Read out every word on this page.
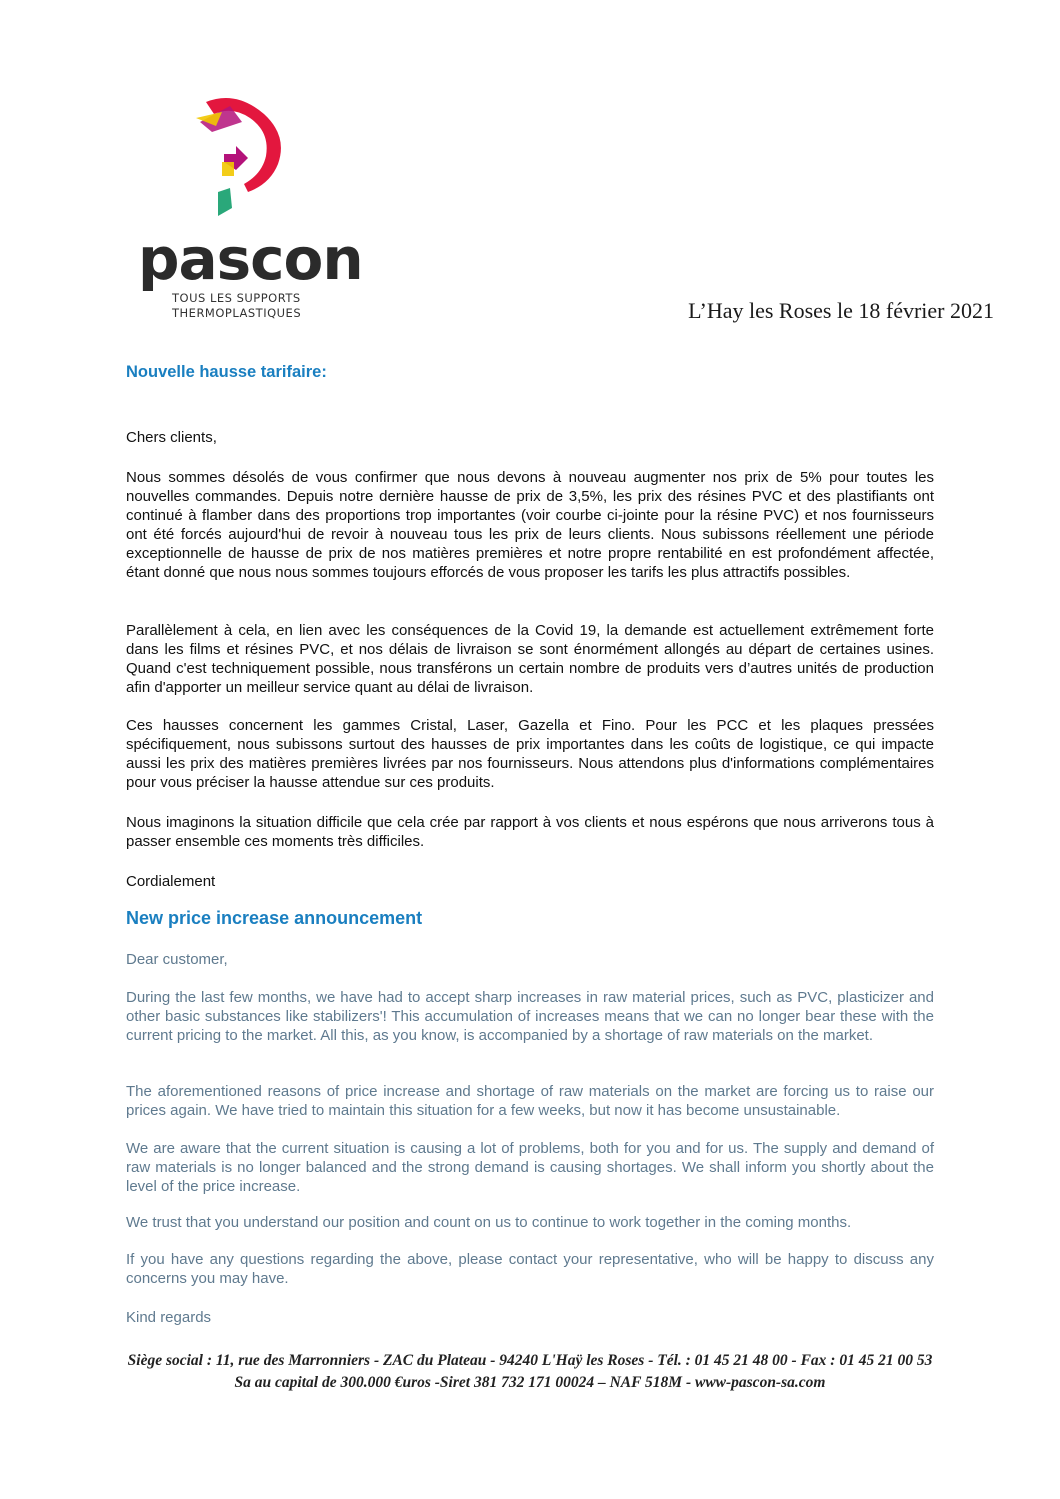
pascon
TOUS LES SUPPORTS
THERMOPLASTIQUES	L’Hay les Roses le 18 février 2021
Nouvelle hausse tarifaire:

Chers clients,

Nous sommes désolés de vous confirmer que nous devons à nouveau augmenter nos prix de 5% pour toutes les nouvelles commandes. Depuis notre dernière hausse de prix de 3,5%, les prix des résines PVC et des plastifiants ont continué à flamber dans des proportions trop importantes (voir courbe ci-jointe pour la résine PVC) et nos fournisseurs ont été forcés aujourd'hui de revoir à nouveau tous les prix de leurs clients. Nous subissons réellement une période exceptionnelle de hausse de prix de nos matières premières et notre propre rentabilité en est profondément affectée, étant donné que nous nous sommes toujours efforcés de vous proposer les tarifs les plus attractifs possibles.

Parallèlement à cela, en lien avec les conséquences de la Covid 19, la demande est actuellement extrêmement forte dans les films et résines PVC, et nos délais de livraison se sont énormément allongés au départ de certaines usines. Quand c'est techniquement possible, nous transférons un certain nombre de produits vers d’autres unités de production afin d'apporter un meilleur service quant au délai de livraison.

Ces hausses concernent les gammes Cristal, Laser, Gazella et Fino. Pour les PCC et les plaques pressées spécifiquement, nous subissons surtout des hausses de prix importantes dans les coûts de logistique, ce qui impacte aussi les prix des matières premières livrées par nos fournisseurs. Nous attendons plus d'informations complémentaires pour vous préciser la hausse attendue sur ces produits.

Nous imaginons la situation difficile que cela crée par rapport à vos clients et nous espérons que nous arriverons tous à passer ensemble ces moments très difficiles.

Cordialement

New price increase announcement

Dear customer,

During the last few months, we have had to accept sharp increases in raw material prices, such as PVC, plasticizer and other basic substances like stabilizers'! This accumulation of increases means that we can no longer bear these with the current pricing to the market. All this, as you know, is accompanied by a shortage of raw materials on the market.

The aforementioned reasons of price increase and shortage of raw materials on the market are forcing us to raise our prices again. We have tried to maintain this situation for a few weeks, but now it has become unsustainable.

We are aware that the current situation is causing a lot of problems, both for you and for us. The supply and demand of raw materials is no longer balanced and the strong demand is causing shortages. We shall inform you shortly about the level of the price increase.

We trust that you understand our position and count on us to continue to work together in the coming months.

If you have any questions regarding the above, please contact your representative, who will be happy to discuss any concerns you may have.

Kind regards

Siège social : 11, rue des Marronniers - ZAC du Plateau - 94240 L'Haÿ les Roses - Tél. : 01 45 21 48 00 - Fax : 01 45 21 00 53
Sa au capital de 300.000 €uros -Siret 381 732 171 00024 – NAF 518M - www-pascon-sa.com
